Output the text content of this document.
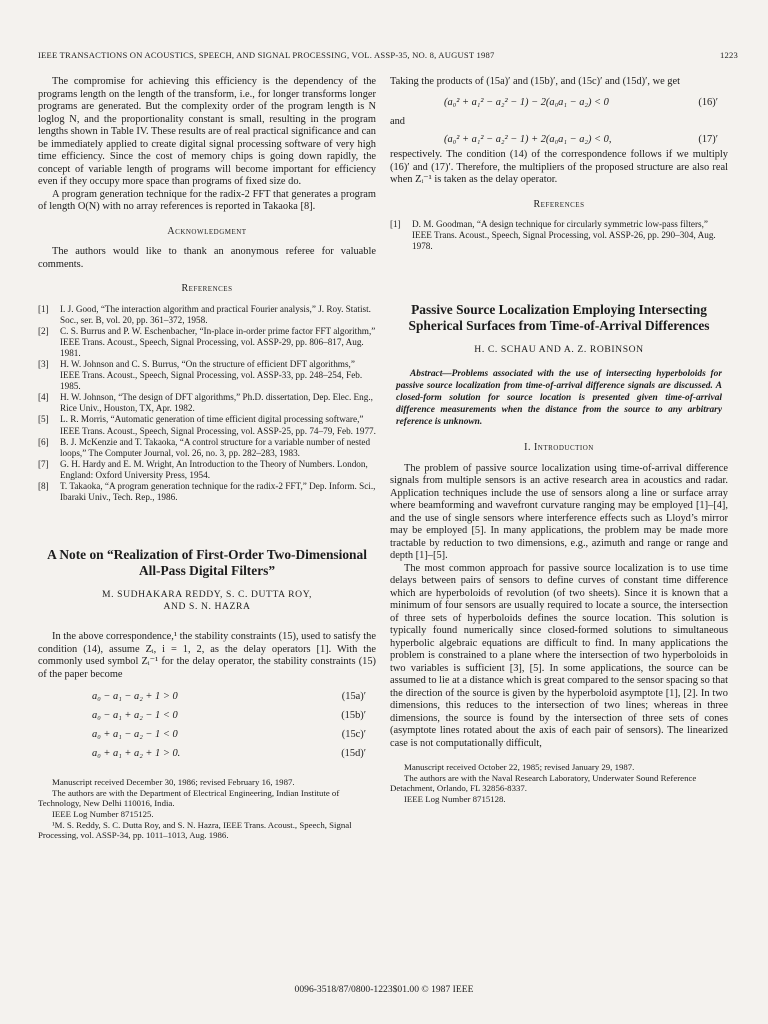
IEEE TRANSACTIONS ON ACOUSTICS, SPEECH, AND SIGNAL PROCESSING, VOL. ASSP-35, NO. 8, AUGUST 1987	1223

The compromise for achieving this efficiency is the dependency of the programs length on the length of the transform, i.e., for longer transforms longer programs are generated. But the complexity order of the program length is N loglog N, and the proportionality constant is small, resulting in the program lengths shown in Table IV. These results are of real practical significance and can be immediately applied to create digital signal processing software of very high time efficiency. Since the cost of memory chips is going down rapidly, the concept of variable length of programs will become important for efficiency even if they occupy more space than programs of fixed size do.

A program generation technique for the radix-2 FFT that generates a program of length O(N) with no array references is reported in Takaoka [8].

Acknowledgment

The authors would like to thank an anonymous referee for valuable comments.

References
[1] I. J. Good, “The interaction algorithm and practical Fourier analysis,” J. Roy. Statist. Soc., ser. B, vol. 20, pp. 361–372, 1958.
[2] C. S. Burrus and P. W. Eschenbacher, “In-place in-order prime factor FFT algorithm,” IEEE Trans. Acoust., Speech, Signal Processing, vol. ASSP-29, pp. 806–817, Aug. 1981.
[3] H. W. Johnson and C. S. Burrus, “On the structure of efficient DFT algorithms,” IEEE Trans. Acoust., Speech, Signal Processing, vol. ASSP-33, pp. 248–254, Feb. 1985.
[4] H. W. Johnson, “The design of DFT algorithms,” Ph.D. dissertation, Dep. Elec. Eng., Rice Univ., Houston, TX, Apr. 1982.
[5] L. R. Morris, “Automatic generation of time efficient digital processing software,” IEEE Trans. Acoust., Speech, Signal Processing, vol. ASSP-25, pp. 74–79, Feb. 1977.
[6] B. J. McKenzie and T. Takaoka, “A control structure for a variable number of nested loops,” The Computer Journal, vol. 26, no. 3, pp. 282–283, 1983.
[7] G. H. Hardy and E. M. Wright, An Introduction to the Theory of Numbers. London, England: Oxford University Press, 1954.
[8] T. Takaoka, “A program generation technique for the radix-2 FFT,” Dep. Inform. Sci., Ibaraki Univ., Tech. Rep., 1986.
A Note on “Realization of First-Order Two-Dimensional All-Pass Digital Filters”
M. SUDHAKARA REDDY, S. C. DUTTA ROY,
AND S. N. HAZRA

In the above correspondence,¹ the stability constraints (15), used to satisfy the condition (14), assume Zᵢ, i = 1, 2, as the delay operators [1]. With the commonly used symbol Zᵢ⁻¹ for the delay operator, the stability constraints (15) of the paper become

a₀ − a₁ − a₂ + 1 > 0	(15a)′
a₀ − a₁ + a₂ − 1 < 0	(15b)′
a₀ + a₁ − a₂ − 1 < 0	(15c)′
a₀ + a₁ + a₂ + 1 > 0.	(15d)′

Manuscript received December 30, 1986; revised February 16, 1987.

The authors are with the Department of Electrical Engineering, Indian Institute of Technology, New Delhi 110016, India.

IEEE Log Number 8715125.

¹M. S. Reddy, S. C. Dutta Roy, and S. N. Hazra, IEEE Trans. Acoust., Speech, Signal Processing, vol. ASSP-34, pp. 1011–1013, Aug. 1986.

Taking the products of (15a)′ and (15b)′, and (15c)′ and (15d)′, we get

(a₀² + a₁² − a₂² − 1) − 2(a₀a₁ − a₂) < 0	(16)′

and

(a₀² + a₁² − a₂² − 1) + 2(a₀a₁ − a₂) < 0,	(17)′

respectively. The condition (14) of the correspondence follows if we multiply (16)′ and (17)′. Therefore, the multipliers of the proposed structure are also real when Zᵢ⁻¹ is taken as the delay operator.

References
[1] D. M. Goodman, “A design technique for circularly symmetric low-pass filters,” IEEE Trans. Acoust., Speech, Signal Processing, vol. ASSP-26, pp. 290–304, Aug. 1978.
Passive Source Localization Employing Intersecting Spherical Surfaces from Time-of-Arrival Differences
H. C. SCHAU AND A. Z. ROBINSON

Abstract—Problems associated with the use of intersecting hyperboloids for passive source localization from time-of-arrival difference signals are discussed. A closed-form solution for source location is presented given time-of-arrival difference measurements when the distance from the source to any arbitrary reference is unknown.

I. Introduction

The problem of passive source localization using time-of-arrival difference signals from multiple sensors is an active research area in acoustics and radar. Application techniques include the use of sensors along a line or surface array where beamforming and wavefront curvature ranging may be employed [1]–[4], and the use of single sensors where interference effects such as Lloyd’s mirror may be employed [5]. In many applications, the problem may be made more tractable by reduction to two dimensions, e.g., azimuth and range or range and depth [1]–[5].

The most common approach for passive source localization is to use time delays between pairs of sensors to define curves of constant time difference which are hyperboloids of revolution (of two sheets). Since it is known that a minimum of four sensors are usually required to locate a source, the intersection of three sets of hyperboloids defines the source location. This solution is typically found numerically since closed-formed solutions to simultaneous hyperbolic algebraic equations are difficult to find. In many applications the problem is constrained to a plane where the intersection of two hyperboloids in two variables is sufficient [3], [5]. In some applications, the source can be assumed to lie at a distance which is great compared to the sensor spacing so that the direction of the source is given by the hyperboloid asymptote [1], [2]. In two dimensions, this reduces to the intersection of two lines; whereas in three dimensions, the source is found by the intersection of three sets of cones (asymptote lines rotated about the axis of each pair of sensors). The linearized case is not computationally difficult,

Manuscript received October 22, 1985; revised January 29, 1987.

The authors are with the Naval Research Laboratory, Underwater Sound Reference Detachment, Orlando, FL 32856-8337.

IEEE Log Number 8715128.

0096-3518/87/0800-1223$01.00 © 1987 IEEE
